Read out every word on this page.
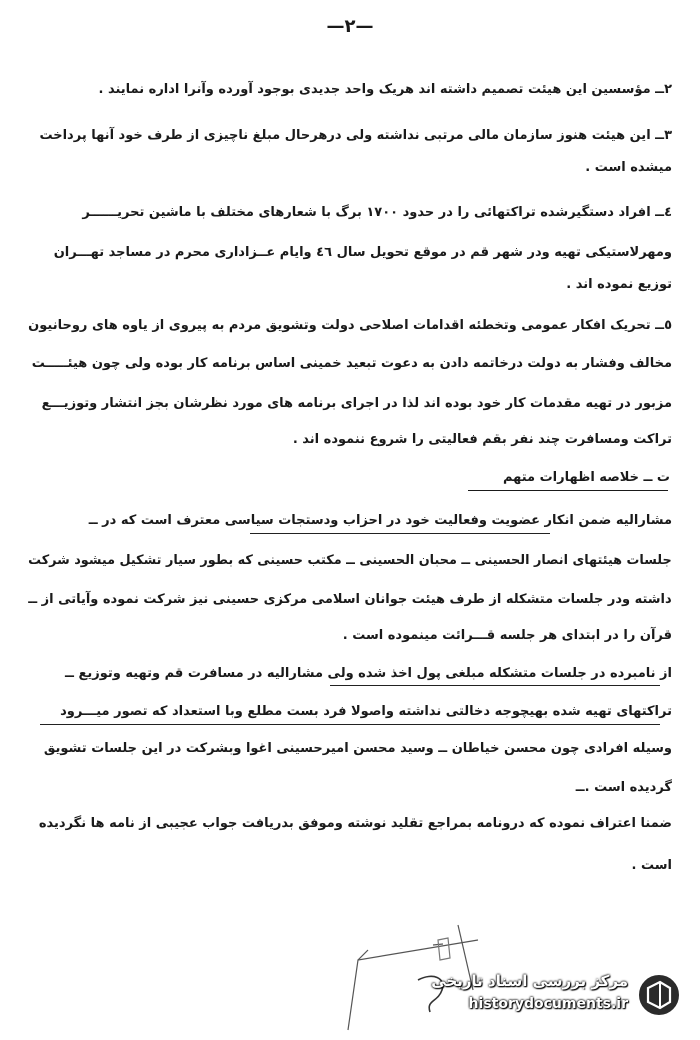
—٢—
٢ــ مؤسسین این هیئت تصمیم داشته اند هریک واحد جدیدی بوجود آورده وآنرا اداره نمایند .
٣ــ این هیئت هنوز سازمان مالی مرتبی نداشته ولی درهرحال مبلغ ناچیزی از طرف خود آنها پرداخت
میشده است .
٤ــ افراد دستگیرشده تراکتهائی را در حدود ١٧٠٠ برگ با شعارهای مختلف با ماشین تحریــــــر
ومهرلاستیکی تهیه ودر شهر قم در موقع تحویل سال ٤٦ وایام عــزاداری محرم در مساجد تهـــران
توزیع نموده اند .
٥ــ تحریک افکار عمومی وتخطئه اقدامات اصلاحی دولت وتشویق مردم به پیروی از یاوه های روحانیون
مخالف وفشار به دولت درخاتمه دادن به دعوت تبعید خمینی اساس برنامه کار بوده ولی چون هیئـــــت
مزبور در تهیه مقدمات کار خود بوده اند لذا در اجرای برنامه های مورد نظرشان بجز انتشار وتوزیـــع
تراکت ومسافرت چند نفر بقم فعالیتی را شروع ننموده اند .
ت ــ خلاصه اظهارات متهم
مشاراليه ضمن انکار عضويت وفعاليت خود در احزاب ودستجات سياسی معترف است که در ــ
جلسات هیئتهای انصار الحسینی ــ محبان الحسینی ــ مکتب حسینی که بطور سیار تشکیل میشود شرکت
داشته ودر جلسات متشکله از طرف هیئت جوانان اسلامی مرکزی حسینی نیز شرکت نموده وآیاتی از ــ
قرآن را در ابتدای هر جلسه قـــرائت مینموده است .
از نامبرده در جلسات متشکله مبلغی پول اخذ شده ولی مشاراليه در مسافرت قم وتهیه وتوزیع ــ
تراکتهای تهیه شده بهیچوجه دخالتی نداشته واصولا فرد بست مطلع وبا استعداد که تصور میـــرود
وسیله افرادی چون محسن خیاطان ــ وسید محسن امیرحسینی اغوا وبشرکت در این جلسات تشویق
گردیده است .ــ
ضمنا اعتراف نموده که درونامه بمراجع تقلید نوشته وموفق بدریافت جواب عجیبی از نامه ها نگردیده
است .
مرکز بررسی اسناد تاریخی
historydocuments.ir
